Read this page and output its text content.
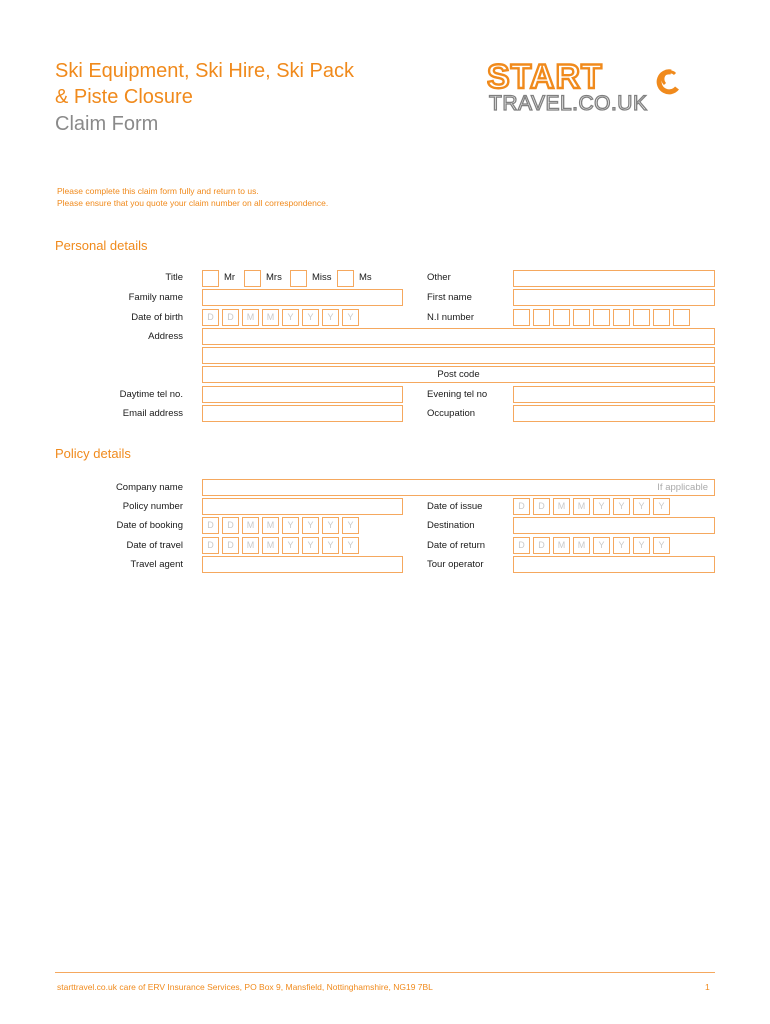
Ski Equipment, Ski Hire, Ski Pack
& Piste Closure
Claim Form
START
TRAVEL.CO.UK
Please complete this claim form fully and return to us.
Please ensure that you quote your claim number on all correspondence.
Personal details
Title	Mr	Mrs	Miss	Ms	Other
Family name	First name
Date of birth	D	D	M	M	Y	Y	Y	Y	N.I number
Address
Post code
Daytime tel no.	Evening tel no
Email address	Occupation
Policy details
Company name	If applicable
Policy number	Date of issue	D	D	M	M	Y	Y	Y	Y
Date of booking	D	D	M	M	Y	Y	Y	Y	Destination
Date of travel	D	D	M	M	Y	Y	Y	Y	Date of return	D	D	M	M	Y	Y	Y	Y
Travel agent	Tour operator
starttravel.co.uk care of ERV Insurance Services, PO Box 9, Mansfield, Nottinghamshire, NG19 7BL	1
